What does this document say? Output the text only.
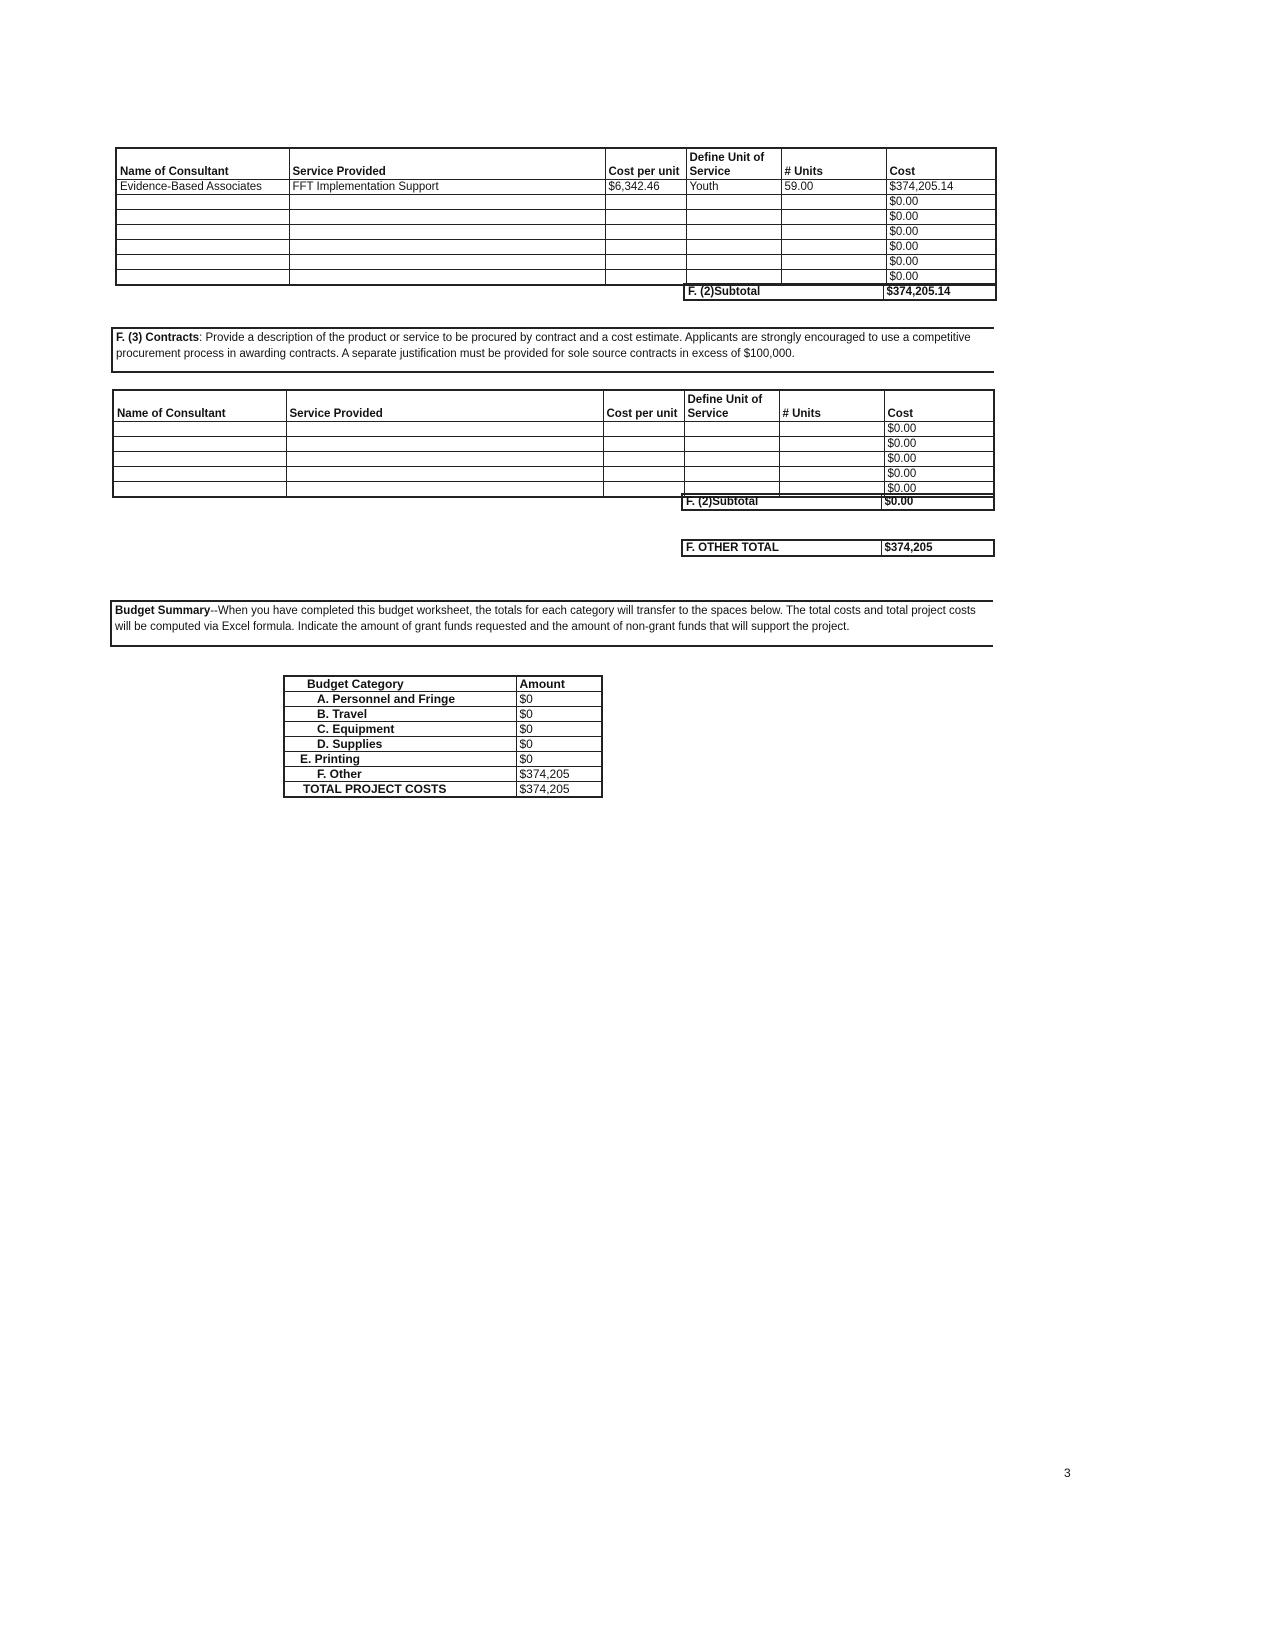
Name of Consultant	Service Provided	Cost per unit	Define Unit of Service	# Units	Cost
Evidence-Based Associates	FFT Implementation Support	$6,342.46	Youth	59.00	$374,205.14
					$0.00
					$0.00
					$0.00
					$0.00
					$0.00
					$0.00
F. (2)Subtotal	$374,205.14
F. (3) Contracts: Provide a description of the product or service to be procured by contract and a cost estimate. Applicants are strongly encouraged to use a competitive procurement process in awarding contracts. A separate justification must be provided for sole source contracts in excess of $100,000.
Name of Consultant	Service Provided	Cost per unit	Define Unit of Service	# Units	Cost
					$0.00
					$0.00
					$0.00
					$0.00
					$0.00
F. (2)Subtotal	$0.00
F. OTHER TOTAL	$374,205
Budget Summary--When you have completed this budget worksheet, the totals for each category will transfer to the spaces below. The total costs and total project costs will be computed via Excel formula. Indicate the amount of grant funds requested and the amount of non-grant funds that will support the project.
Budget Category	Amount
A. Personnel and Fringe	$0
B. Travel	$0
C. Equipment	$0
D. Supplies	$0
E. Printing	$0
F. Other	$374,205
TOTAL PROJECT COSTS	$374,205
3
